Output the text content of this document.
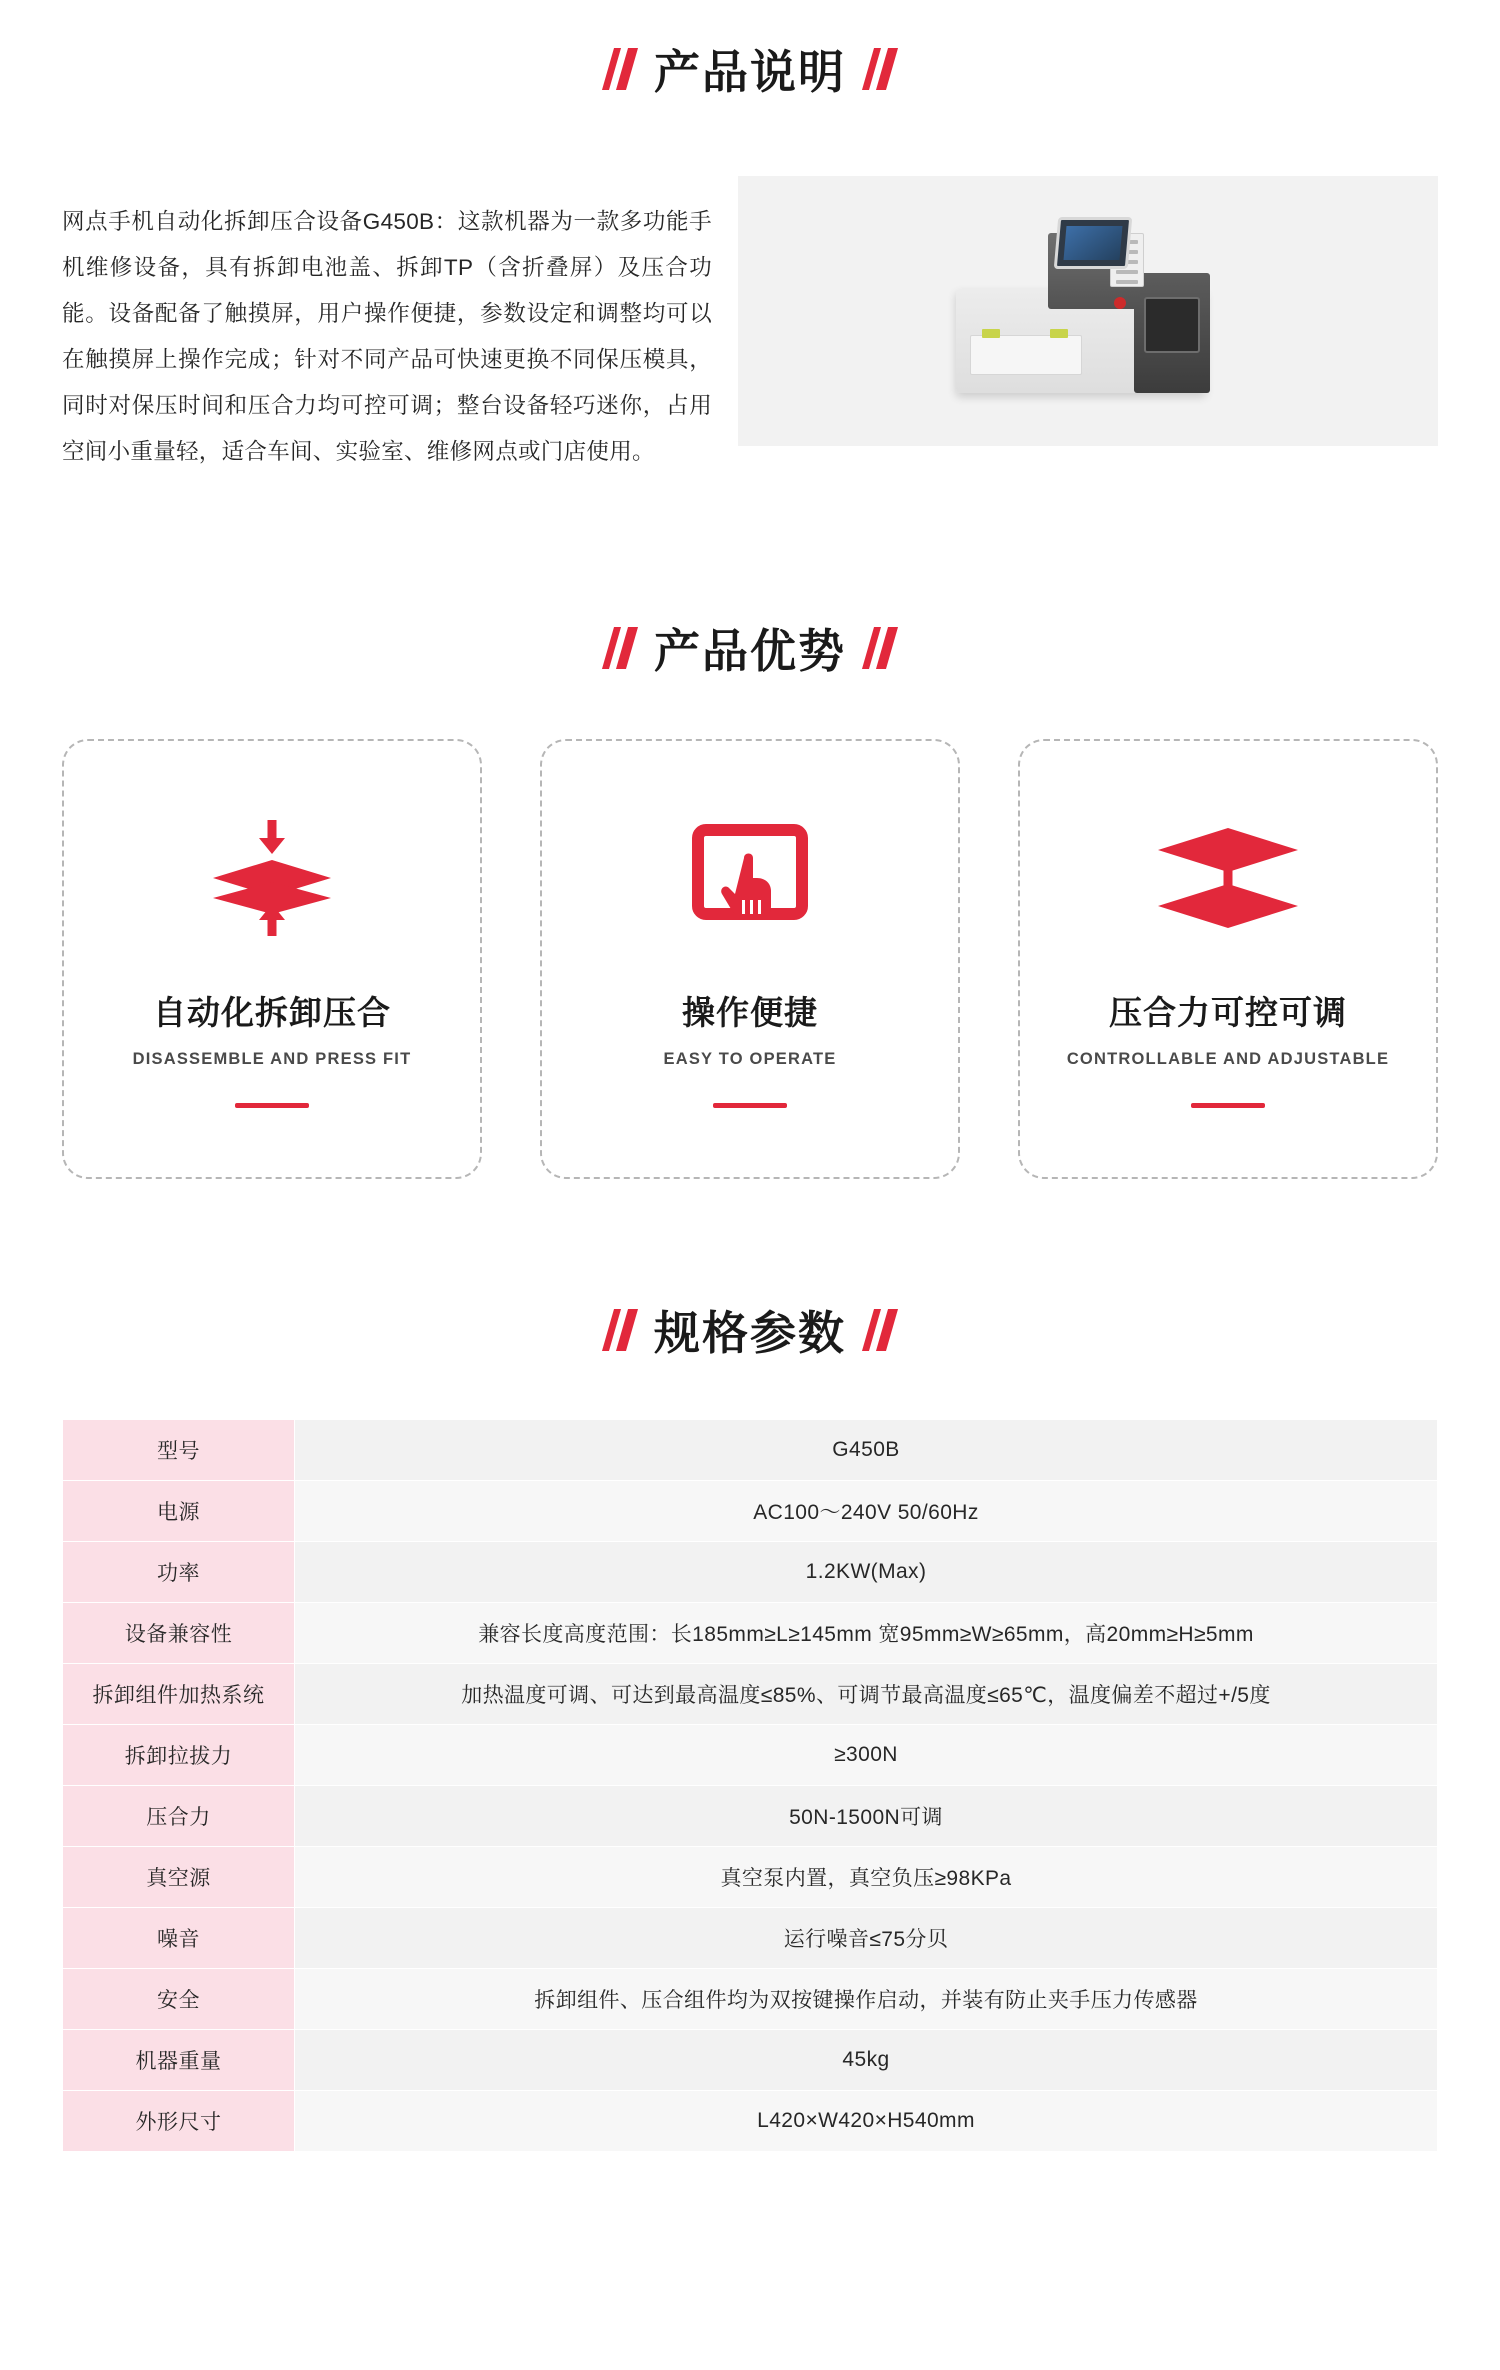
产品说明

网点手机自动化拆卸压合设备G450B：这款机器为一款多功能手机维修设备，具有拆卸电池盖、拆卸TP（含折叠屏）及压合功能。设备配备了触摸屏，用户操作便捷，参数设定和调整均可以在触摸屏上操作完成；针对不同产品可快速更换不同保压模具，同时对保压时间和压合力均可控可调；整台设备轻巧迷你，占用空间小重量轻，适合车间、实验室、维修网点或门店使用。

产品优势
自动化拆卸压合
DISASSEMBLE AND PRESS FIT
操作便捷
EASY TO OPERATE
压合力可控可调
CONTROLLABLE AND ADJUSTABLE
规格参数
型号	G450B
电源	AC100～240V 50/60Hz
功率	1.2KW(Max)
设备兼容性	兼容长度高度范围：长185mm≥L≥145mm 宽95mm≥W≥65mm，高20mm≥H≥5mm
拆卸组件加热系统	加热温度可调、可达到最高温度≤85%、可调节最高温度≤65℃，温度偏差不超过+/5度
拆卸拉拔力	≥300N
压合力	50N-1500N可调
真空源	真空泵内置，真空负压≥98KPa
噪音	运行噪音≤75分贝
安全	拆卸组件、压合组件均为双按键操作启动，并装有防止夹手压力传感器
机器重量	45kg
外形尺寸	L420×W420×H540mm
